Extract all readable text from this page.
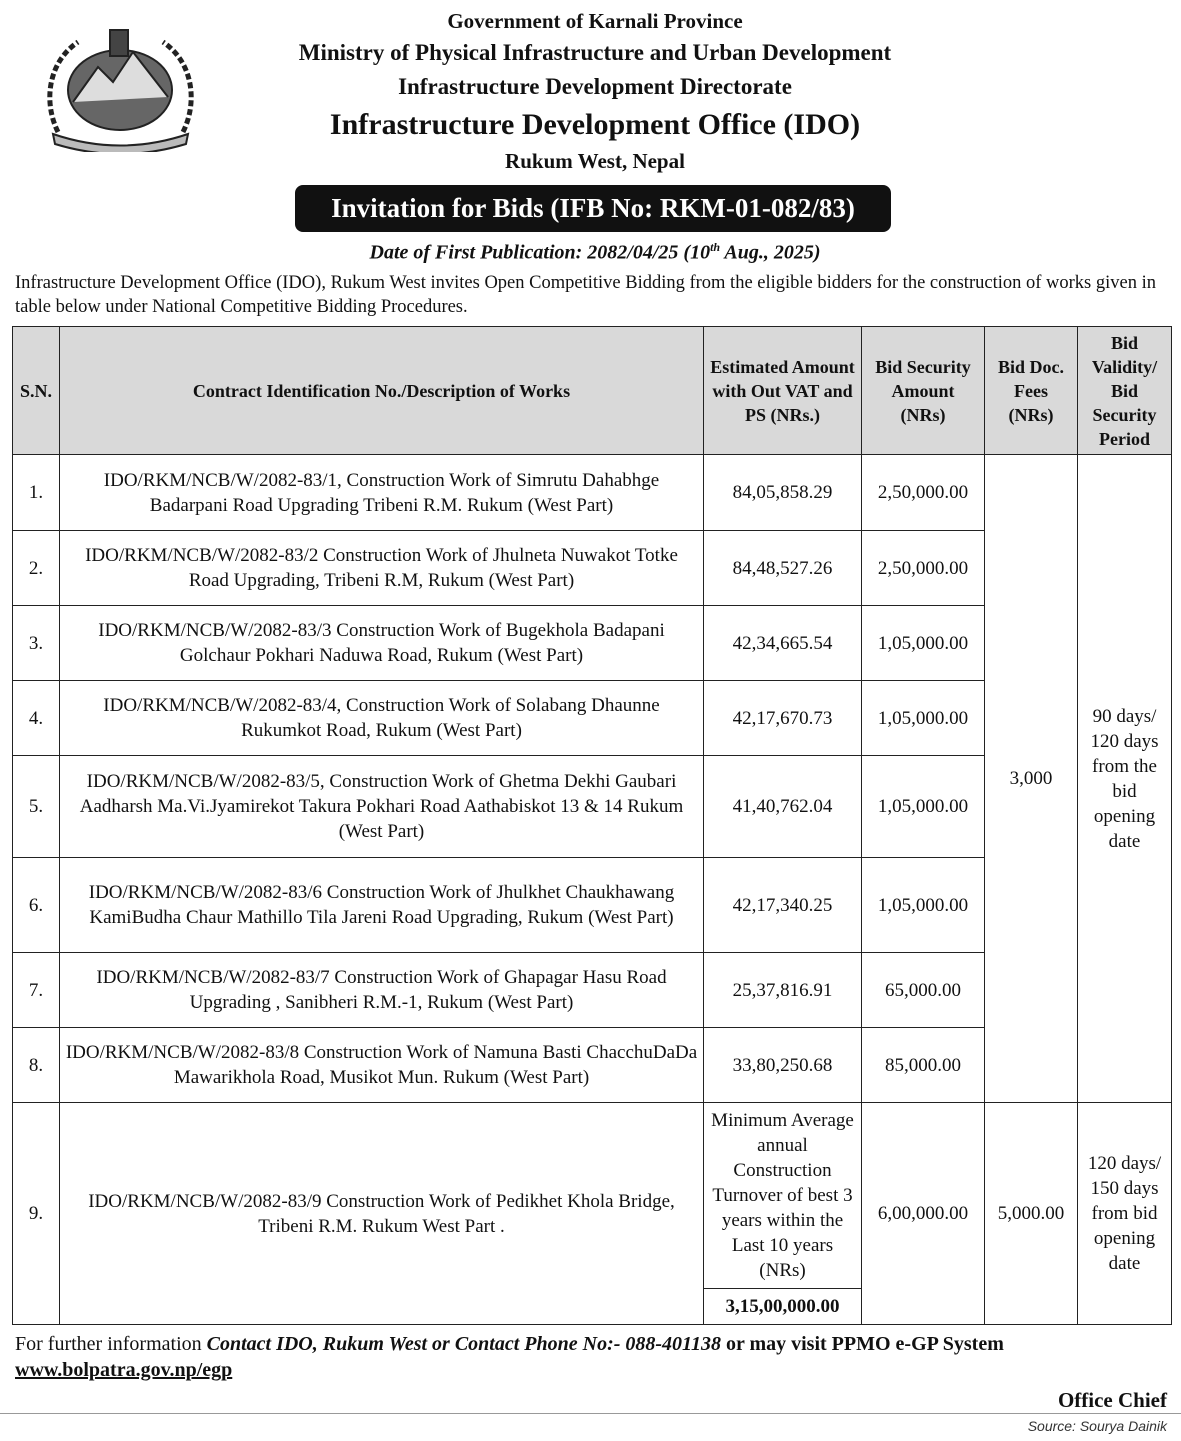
Government of Karnali Province
Ministry of Physical Infrastructure and Urban Development
Infrastructure Development Directorate
Infrastructure Development Office (IDO)
Rukum West, Nepal
Invitation for Bids (IFB No: RKM-01-082/83)
Date of First Publication: 2082/04/25 (10th Aug., 2025)
Infrastructure Development Office (IDO), Rukum West invites Open Competitive Bidding from the eligible bidders for the construction of works given in table below under National Competitive Bidding Procedures.
S.N.	Contract Identification No./Description of Works	Estimated Amount with Out VAT and PS (NRs.)	Bid Security Amount (NRs)	Bid Doc. Fees (NRs)	Bid Validity/ Bid Security Period
1.	IDO/RKM/NCB/W/2082-83/1, Construction Work of Simrutu Dahabhge Badarpani Road Upgrading Tribeni R.M. Rukum (West Part)	84,05,858.29	2,50,000.00	3,000	90 days/ 120 days from the bid opening date
2.	IDO/RKM/NCB/W/2082-83/2 Construction Work of Jhulneta Nuwakot Totke Road Upgrading, Tribeni R.M, Rukum (West Part)	84,48,527.26	2,50,000.00		
3.	IDO/RKM/NCB/W/2082-83/3 Construction Work of Bugekhola Badapani Golchaur Pokhari Naduwa Road, Rukum (West Part)	42,34,665.54	1,05,000.00		
4.	IDO/RKM/NCB/W/2082-83/4, Construction Work of Solabang Dhaunne Rukumkot Road, Rukum (West Part)	42,17,670.73	1,05,000.00		
5.	IDO/RKM/NCB/W/2082-83/5, Construction Work of Ghetma Dekhi Gaubari Aadharsh Ma.Vi.Jyamirekot Takura Pokhari Road Aathabiskot 13 & 14 Rukum (West Part)	41,40,762.04	1,05,000.00		
6.	IDO/RKM/NCB/W/2082-83/6 Construction Work of Jhulkhet Chaukhawang KamiBudha Chaur Mathillo Tila Jareni Road Upgrading, Rukum (West Part)	42,17,340.25	1,05,000.00		
7.	IDO/RKM/NCB/W/2082-83/7 Construction Work of Ghapagar Hasu Road Upgrading , Sanibheri R.M.-1, Rukum (West Part)	25,37,816.91	65,000.00		
8.	IDO/RKM/NCB/W/2082-83/8 Construction Work of Namuna Basti ChacchuDaDa Mawarikhola Road, Musikot Mun. Rukum (West Part)	33,80,250.68	85,000.00		
9.	IDO/RKM/NCB/W/2082-83/9 Construction Work of Pedikhet Khola Bridge, Tribeni R.M. Rukum West Part .	Minimum Average annual Construction Turnover of best 3 years within the Last 10 years (NRs)	6,00,000.00	5,000.00	120 days/ 150 days from bid opening date
		3,15,00,000.00			
For further information Contact IDO, Rukum West or Contact Phone No:- 088-401138 or may visit PPMO e-GP System
www.bolpatra.gov.np/egp
Office Chief
Source: Sourya Dainik
